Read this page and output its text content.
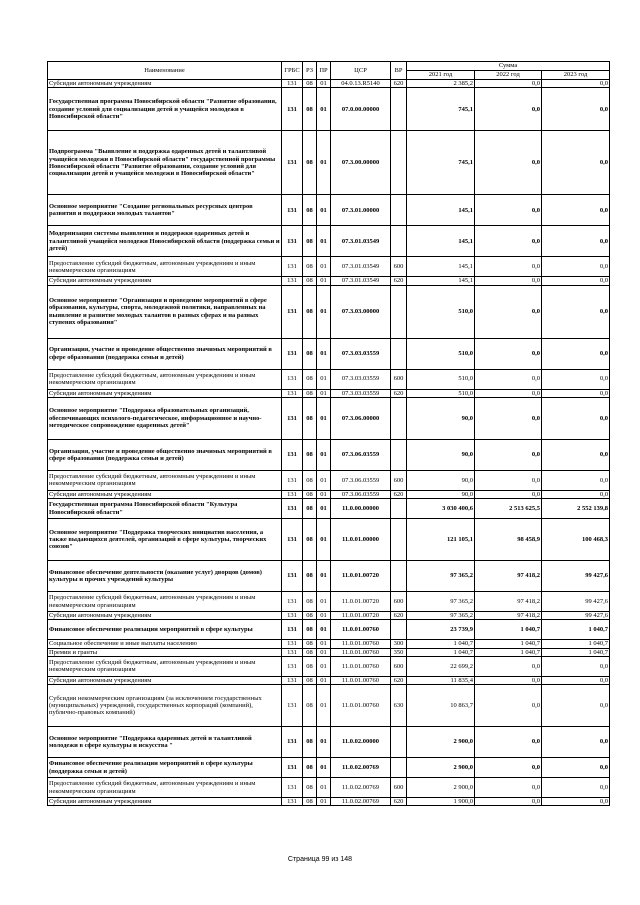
Наименование	ГРБС	РЗ	ПР	ЦСР	ВР	Сумма		
						2021 год	2022 год	2023 год
Субсидии автономным учреждениям	131	08	01	04.0.13.R5140	620	2 385,2	0,0	0,0
Государственная программа Новосибирской области "Развитие образования, создание условий для социализации детей и учащейся молодежи в Новосибирской области"	131	08	01	07.0.00.00000		745,1	0,0	0,0
Подпрограмма "Выявление и поддержка одаренных детей и талантливой учащейся молодежи в Новосибирской области" государственной программы Новосибирской области "Развитие образования, создание условий для социализации детей и учащейся молодежи в Новосибирской области"	131	08	01	07.3.00.00000		745,1	0,0	0,0
Основное мероприятие "Создание региональных ресурсных центров развития и поддержки молодых талантов"	131	08	01	07.3.01.00000		145,1	0,0	0,0
Модернизация системы выявления и поддержки одаренных детей и талантливой учащейся молодежи Новосибирской области (поддержка семьи и детей)	131	08	01	07.3.01.03549		145,1	0,0	0,0
Предоставление субсидий бюджетным, автономным учреждениям и иным некоммерческим организациям	131	08	01	07.3.01.03549	600	145,1	0,0	0,0
Субсидии автономным учреждениям	131	08	01	07.3.01.03549	620	145,1	0,0	0,0
Основное мероприятие "Организация и проведение мероприятий в сфере образования, культуры, спорта, молодежной политики, направленных на выявление и развитие молодых талантов в разных сферах и на разных ступенях образования"	131	08	01	07.3.03.00000		510,0	0,0	0,0
Организация, участие и проведение общественно значимых мероприятий в сфере образования (поддержка семьи и детей)	131	08	01	07.3.03.03559		510,0	0,0	0,0
Предоставление субсидий бюджетным, автономным учреждениям и иным некоммерческим организациям	131	08	01	07.3.03.03559	600	510,0	0,0	0,0
Субсидии автономным учреждениям	131	08	01	07.3.03.03559	620	510,0	0,0	0,0
Основное мероприятие "Поддержка образовательных организаций, обеспечивающих психолого-педагогическое, информационное и научно-методическое сопровождение одаренных детей"	131	08	01	07.3.06.00000		90,0	0,0	0,0
Организация, участие и проведение общественно значимых мероприятий в сфере образования (поддержка семьи и детей)	131	08	01	07.3.06.03559		90,0	0,0	0,0
Предоставление субсидий бюджетным, автономным учреждениям и иным некоммерческим организациям	131	08	01	07.3.06.03559	600	90,0	0,0	0,0
Субсидии автономным учреждениям	131	08	01	07.3.06.03559	620	90,0	0,0	0,0
Государственная программа Новосибирской области "Культура Новосибирской области"	131	08	01	11.0.00.00000		3 030 400,6	2 513 625,5	2 552 139,8
Основное мероприятие "Поддержка творческих инициатив населения, а также выдающихся деятелей, организаций в сфере культуры, творческих союзов"	131	08	01	11.0.01.00000		121 105,1	98 458,9	100 468,3
Финансовое обеспечение деятельности (оказание услуг) дворцов (домов) культуры и прочих учреждений культуры	131	08	01	11.0.01.00720		97 365,2	97 418,2	99 427,6
Предоставление субсидий бюджетным, автономным учреждениям и иным некоммерческим организациям	131	08	01	11.0.01.00720	600	97 365,2	97 418,2	99 427,6
Субсидии автономным учреждениям	131	08	01	11.0.01.00720	620	97 365,2	97 418,2	99 427,6
Финансовое обеспечение реализации мероприятий в сфере культуры	131	08	01	11.0.01.00760		23 739,9	1 040,7	1 040,7
Социальное обеспечение и иные выплаты населению	131	08	01	11.0.01.00760	300	1 040,7	1 040,7	1 040,7
Премии и гранты	131	08	01	11.0.01.00760	350	1 040,7	1 040,7	1 040,7
Предоставление субсидий бюджетным, автономным учреждениям и иным некоммерческим организациям	131	08	01	11.0.01.00760	600	22 699,2	0,0	0,0
Субсидии автономным учреждениям	131	08	01	11.0.01.00760	620	11 835,4	0,0	0,0
Субсидии некоммерческим организациям (за исключением государственных (муниципальных) учреждений, государственных корпораций (компаний), публично-правовых компаний)	131	08	01	11.0.01.00760	630	10 863,7	0,0	0,0
Основное мероприятие "Поддержка одаренных детей и талантливой молодежи в сфере культуры и искусства "	131	08	01	11.0.02.00000		2 900,0	0,0	0,0
Финансовое обеспечение реализации мероприятий в сфере культуры (поддержка семьи и детей)	131	08	01	11.0.02.00769		2 900,0	0,0	0,0
Предоставление субсидий бюджетным, автономным учреждениям и иным некоммерческим организациям	131	08	01	11.0.02.00769	600	2 900,0	0,0	0,0
Субсидии автономным учреждениям	131	08	01	11.0.02.00769	620	1 900,0	0,0	0,0
Страница 99 из 148
